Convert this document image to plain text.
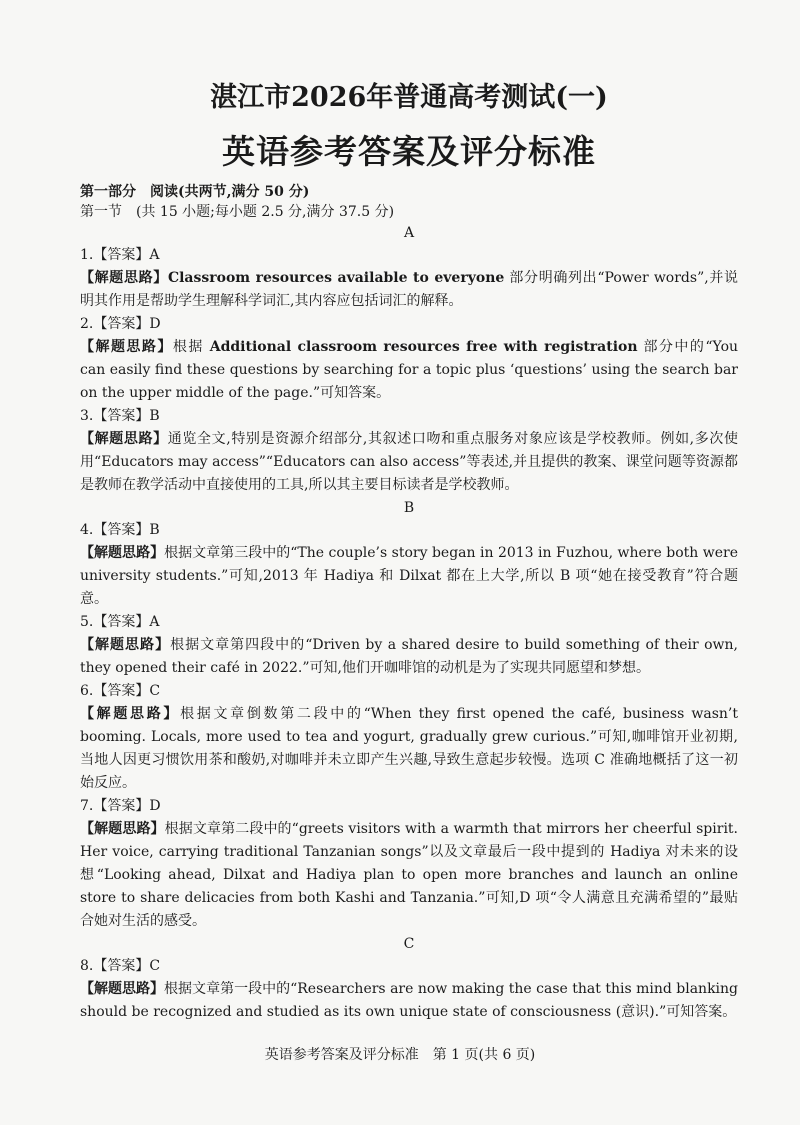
湛江市2026年普通高考测试(一)
英语参考答案及评分标准
第一部分　阅读(共两节,满分 50 分)
第一节　(共 15 小题;每小题 2.5 分,满分 37.5 分)
A
1.【答案】A
【解题思路】Classroom resources available to everyone 部分明确列出“Power words”,并说明其作用是帮助学生理解科学词汇,其内容应包括词汇的解释。
2.【答案】D
【解题思路】根据 Additional classroom resources free with registration 部分中的“You can easily find these questions by searching for a topic plus ‘questions’ using the search bar on the upper middle of the page.”可知答案。
3.【答案】B
【解题思路】通览全文,特别是资源介绍部分,其叙述口吻和重点服务对象应该是学校教师。例如,多次使用“Educators may access”“Educators can also access”等表述,并且提供的教案、课堂问题等资源都是教师在教学活动中直接使用的工具,所以其主要目标读者是学校教师。
B
4.【答案】B
【解题思路】根据文章第三段中的“The couple’s story began in 2013 in Fuzhou, where both were university students.”可知,2013 年 Hadiya 和 Dilxat 都在上大学,所以 B 项“她在接受教育”符合题意。
5.【答案】A
【解题思路】根据文章第四段中的“Driven by a shared desire to build something of their own, they opened their café in 2022.”可知,他们开咖啡馆的动机是为了实现共同愿望和梦想。
6.【答案】C
【解题思路】根据文章倒数第二段中的“When they first opened the café, business wasn’t booming. Locals, more used to tea and yogurt, gradually grew curious.”可知,咖啡馆开业初期,当地人因更习惯饮用茶和酸奶,对咖啡并未立即产生兴趣,导致生意起步较慢。选项 C 准确地概括了这一初始反应。
7.【答案】D
【解题思路】根据文章第二段中的“greets visitors with a warmth that mirrors her cheerful spirit. Her voice, carrying traditional Tanzanian songs”以及文章最后一段中提到的 Hadiya 对未来的设想“Looking ahead, Dilxat and Hadiya plan to open more branches and launch an online store to share delicacies from both Kashi and Tanzania.”可知,D 项“令人满意且充满希望的”最贴合她对生活的感受。
C
8.【答案】C
【解题思路】根据文章第一段中的“Researchers are now making the case that this mind blanking should be recognized and studied as its own unique state of consciousness (意识).”可知答案。
英语参考答案及评分标准　第 1 页(共 6 页)
